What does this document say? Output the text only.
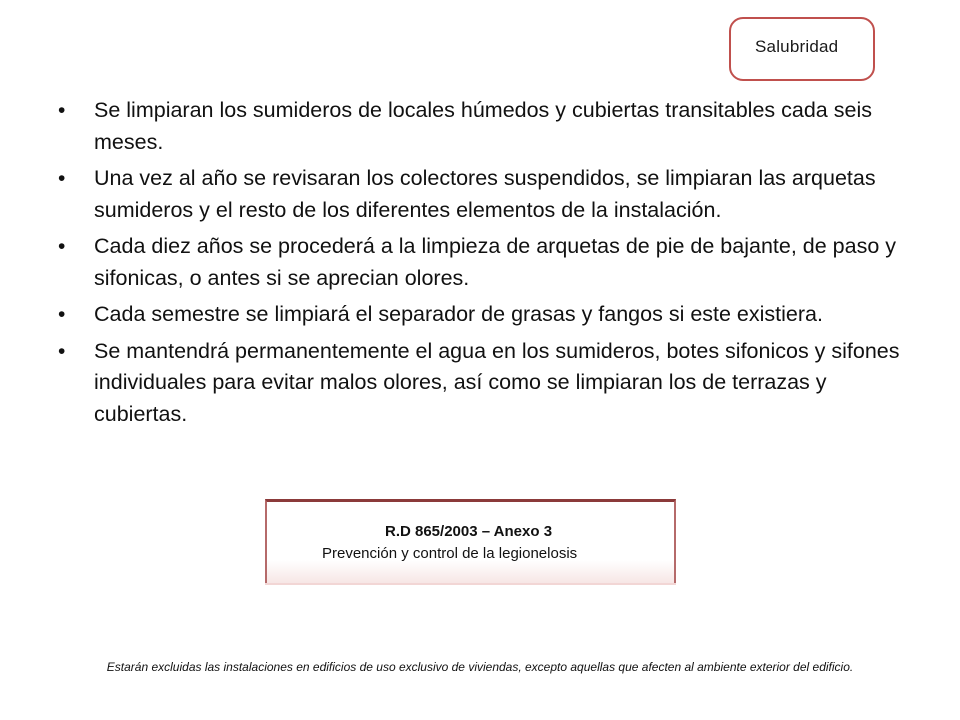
Salubridad
• Se limpiaran los sumideros de locales húmedos y cubiertas transitables cada seis meses.
• Una vez al año se revisaran los colectores suspendidos, se limpiaran las arquetas sumideros y el resto de los diferentes elementos de la instalación.
• Cada diez años se procederá a la limpieza de arquetas de pie de bajante, de paso y sifonicas, o antes si se aprecian olores.
• Cada semestre se limpiará el separador de grasas y fangos si este existiera.
• Se mantendrá permanentemente el agua en los sumideros, botes sifonicos y sifones individuales para evitar malos olores, así como se limpiaran los de terrazas y cubiertas.
R.D 865/2003 – Anexo 3
Prevención y control de la legionelosis
Estarán excluidas las instalaciones en edificios de uso exclusivo de viviendas, excepto aquellas que afecten al ambiente exterior del edificio.
